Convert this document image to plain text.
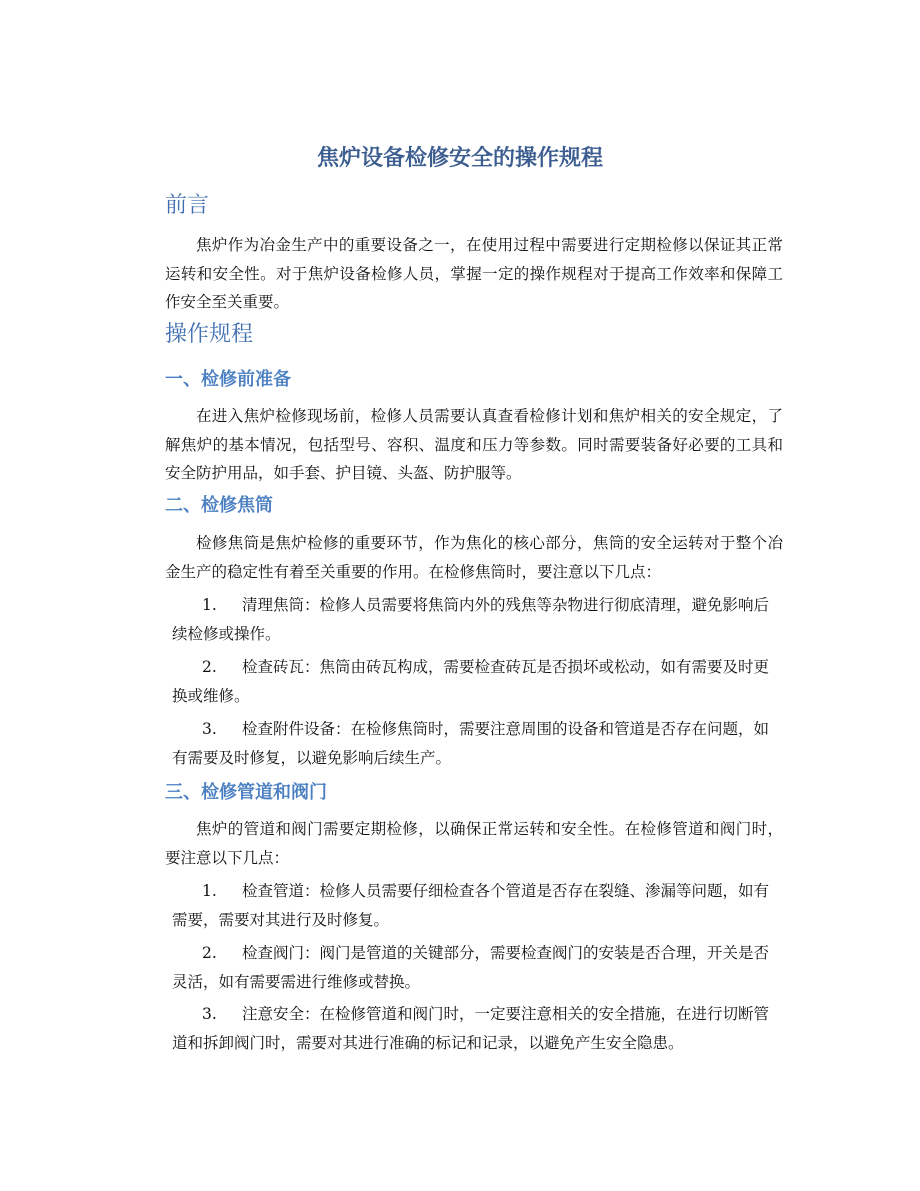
焦炉设备检修安全的操作规程
前言

焦炉作为冶金生产中的重要设备之一，在使用过程中需要进行定期检修以保证其正常运转和安全性。对于焦炉设备检修人员，掌握一定的操作规程对于提高工作效率和保障工作安全至关重要。

操作规程
一、检修前准备

在进入焦炉检修现场前，检修人员需要认真查看检修计划和焦炉相关的安全规定，了解焦炉的基本情况，包括型号、容积、温度和压力等参数。同时需要装备好必要的工具和安全防护用品，如手套、护目镜、头盔、防护服等。

二、检修焦筒

检修焦筒是焦炉检修的重要环节，作为焦化的核心部分，焦筒的安全运转对于整个冶金生产的稳定性有着至关重要的作用。在检修焦筒时，要注意以下几点：

1. 清理焦筒：检修人员需要将焦筒内外的残焦等杂物进行彻底清理，避免影响后续检修或操作。

2. 检查砖瓦：焦筒由砖瓦构成，需要检查砖瓦是否损坏或松动，如有需要及时更换或维修。

3. 检查附件设备：在检修焦筒时，需要注意周围的设备和管道是否存在问题，如有需要及时修复，以避免影响后续生产。

三、检修管道和阀门

焦炉的管道和阀门需要定期检修，以确保正常运转和安全性。在检修管道和阀门时，要注意以下几点：

1. 检查管道：检修人员需要仔细检查各个管道是否存在裂缝、渗漏等问题，如有需要，需要对其进行及时修复。

2. 检查阀门：阀门是管道的关键部分，需要检查阀门的安装是否合理，开关是否灵活，如有需要需进行维修或替换。

3. 注意安全：在检修管道和阀门时，一定要注意相关的安全措施，在进行切断管道和拆卸阀门时，需要对其进行准确的标记和记录，以避免产生安全隐患。
